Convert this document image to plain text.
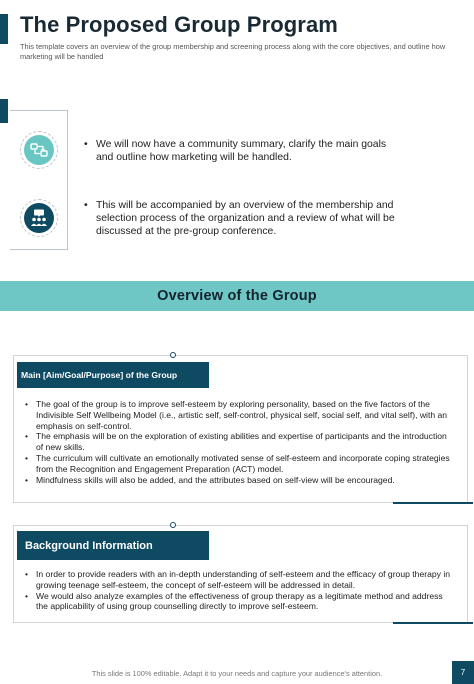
The Proposed Group Program

This template covers an overview of the group membership and screening process along with the core objectives, and outline how marketing will be handled

• We will now have a community summary, clarify the main goals and outline how marketing will be handled.
• This will be accompanied by an overview of the membership and selection process of the organization and a review of what will be discussed at the pre-group conference.
Overview of the Group
Main [Aim/Goal/Purpose] of the Group
• The goal of the group is to improve self-esteem by exploring personality, based on the five factors of the Indivisible Self Wellbeing Model (i.e., artistic self, self-control, physical self, social self, and vital self), with an emphasis on self-control.
• The emphasis will be on the exploration of existing abilities and expertise of participants and the introduction of new skills.
• The curriculum will cultivate an emotionally motivated sense of self-esteem and incorporate coping strategies from the Recognition and Engagement Preparation (ACT) model.
• Mindfulness skills will also be added, and the attributes based on self-view will be encouraged.
Background Information
• In order to provide readers with an in-depth understanding of self-esteem and the efficacy of group therapy in growing teenage self-esteem, the concept of self-esteem will be addressed in detail.
• We would also analyze examples of the effectiveness of group therapy as a legitimate method and address the applicability of using group counselling directly to improve self-esteem.
This slide is 100% editable. Adapt it to your needs and capture your audience's attention.	7
